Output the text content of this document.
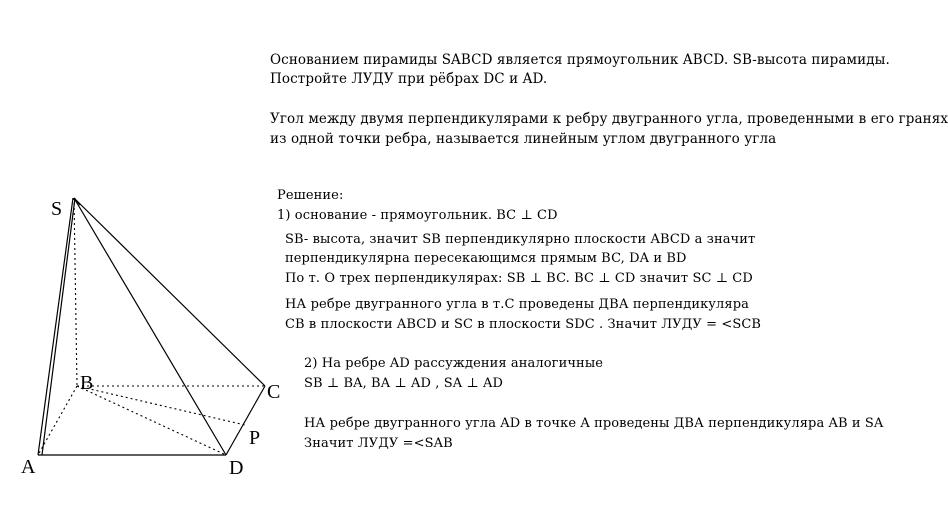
Основанием пирамиды SABCD является прямоугольник ABCD. SB-высота пирамиды.
Постройте ЛУДУ при рёбрах DC и AD.
Угол между двумя перпендикулярами к ребру двугранного угла, проведенными в его гранях
из одной точки ребра, называется линейным углом двугранного угла
Решение:
1) основание - прямоугольник. BC ⊥ CD
SB- высота, значит SB перпендикулярно плоскости ABCD а значит
перпендикулярна пересекающимся прямым BC, DA и BD
По т. О трех перпендикулярах: SB ⊥ BC. BC ⊥ CD значит SC ⊥ CD
НА ребре двугранного угла в т.С проведены ДВА перпендикуляра
CB в плоскости ABCD и SC в плоскости SDC . Значит ЛУДУ = <SCB
2) На ребре AD рассуждения аналогичные
SB ⊥ BA, BA ⊥ AD , SA ⊥ AD
НА ребре двугранного угла AD в точке A проведены ДВА перпендикуляра AB и SA
Значит ЛУДУ =<SAB
S
A
B	C
D
P
